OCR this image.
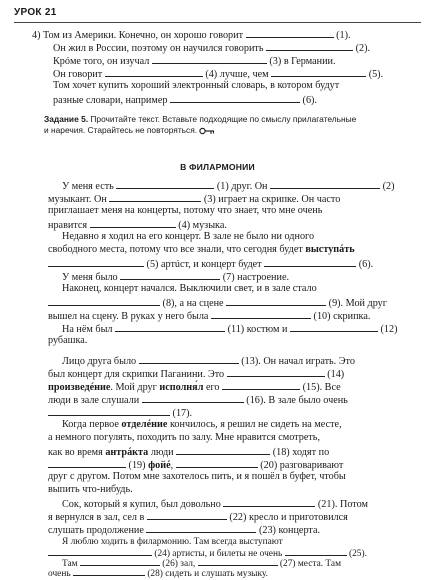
УРОК 21
4) Том из Америки. Конечно, он хорошо говорит	(1).
Он жил в России, поэтому он научился говорить	(2).
Крóме того, он изучал	(3) в Германии.
Он говорит	(4) лучше, чем	(5).
Том хочет купить хороший электронный словарь, в котором будут
разные словари, например	(6).
Задание 5. Прочитайте текст. Вставьте подходящие по смыслу прилагательные
и наречия. Старайтесь не повторяться.
В ФИЛАРМОНИИ
У меня есть	(1) друг. Он	(2)
музыкант. Он	(3) играет на скрипке. Он часто
приглашает меня на концерты, потому что знает, что мне очень
нравится	(4) музыка.
Недавно я ходил на его концерт. В зале не было ни одного
свободного места, потому что все знали, что сегодня будет выступáть
(5) артúст, и концерт будет	(6).
У меня было	(7) настроение.
Наконец, концерт начался. Выключили свет, и в зале стало
(8), а на сцене	(9). Мой друг
вышел на сцену. В руках у него была	(10) скрипка.
На нём был	(11) костюм и	(12)
рубашка.
Лицо друга было	(13). Он начал играть. Это
был концерт для скрипки Паганини. Это	(14)
произведéние. Мой друг исполня́л его	(15). Все
люди в зале слушали	(16). В зале было очень
(17).
Когда первое отделéние кончилось, я решил не сидеть на месте,
а немного погулять, походить по залу. Мне нравится смотреть,
как во время антрáкта люди	(18) ходят по
(19) фойé,	(20) разговаривают
друг с другом. Потом мне захотелось пить, и я пошёл в буфет, чтобы
выпить что-нибудь.
Сок, который я купил, был довольно	(21). Потом
я вернулся в зал, сел в	(22) кресло и приготовился
слушать продолжение	(23) концерта.
Я люблю ходить в филармонию. Там всегда выступают
(24) артисты, и билеты не очень	(25).
Там	(26) зал,	(27) места. Там
очень	(28) сидеть и слушать музыку.
